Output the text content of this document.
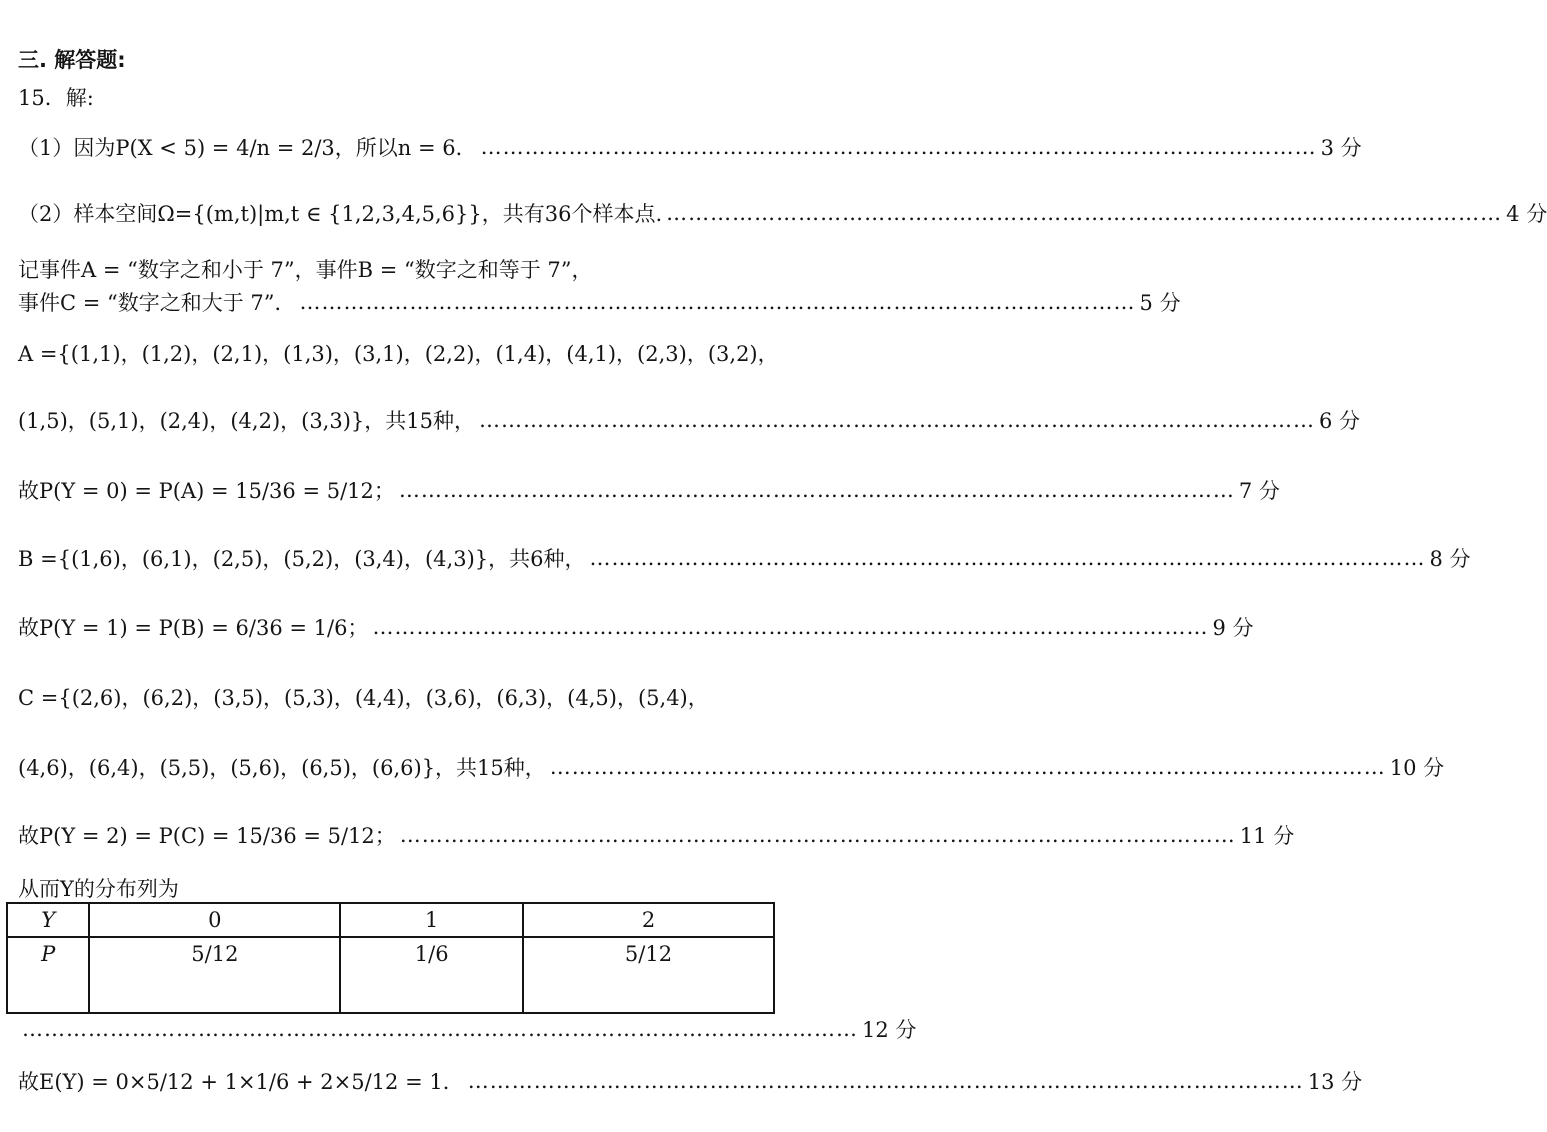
三. 解答题:
15．解:
（1）因为P(X < 5) = 4/n = 2/3，所以n = 6． …………………………………………………………………………………………………… 3 分
（2）样本空间Ω={(m,t)|m,t ∈ {1,2,3,4,5,6}}，共有36个样本点. …………………………………………………………………………………………………… 4 分
记事件A = “数字之和小于 7”，事件B = “数字之和等于 7”，
事件C = “数字之和大于 7”． …………………………………………………………………………………………………… 5 分
A ={(1,1)，(1,2)，(2,1)，(1,3)，(3,1)，(2,2)，(1,4)，(4,1)，(2,3)，(3,2)，
(1,5)，(5,1)，(2,4)，(4,2)，(3,3)}，共15种， …………………………………………………………………………………………………… 6 分
故P(Y = 0) = P(A) = 15/36 = 5/12； …………………………………………………………………………………………………… 7 分
B ={(1,6)，(6,1)，(2,5)，(5,2)，(3,4)，(4,3)}，共6种， …………………………………………………………………………………………………… 8 分
故P(Y = 1) = P(B) = 6/36 = 1/6； …………………………………………………………………………………………………… 9 分
C ={(2,6)，(6,2)，(3,5)，(5,3)，(4,4)，(3,6)，(6,3)，(4,5)，(5,4)，
(4,6)，(6,4)，(5,5)，(5,6)，(6,5)，(6,6)}，共15种， …………………………………………………………………………………………………… 10 分
故P(Y = 2) = P(C) = 15/36 = 5/12； …………………………………………………………………………………………………… 11 分
从而Y的分布列为
Y	0	1	2
P	5/12	1/6	5/12
…………………………………………………………………………………………………… 12 分
故E(Y) = 0×5/12 + 1×1/6 + 2×5/12 = 1． …………………………………………………………………………………………………… 13 分
